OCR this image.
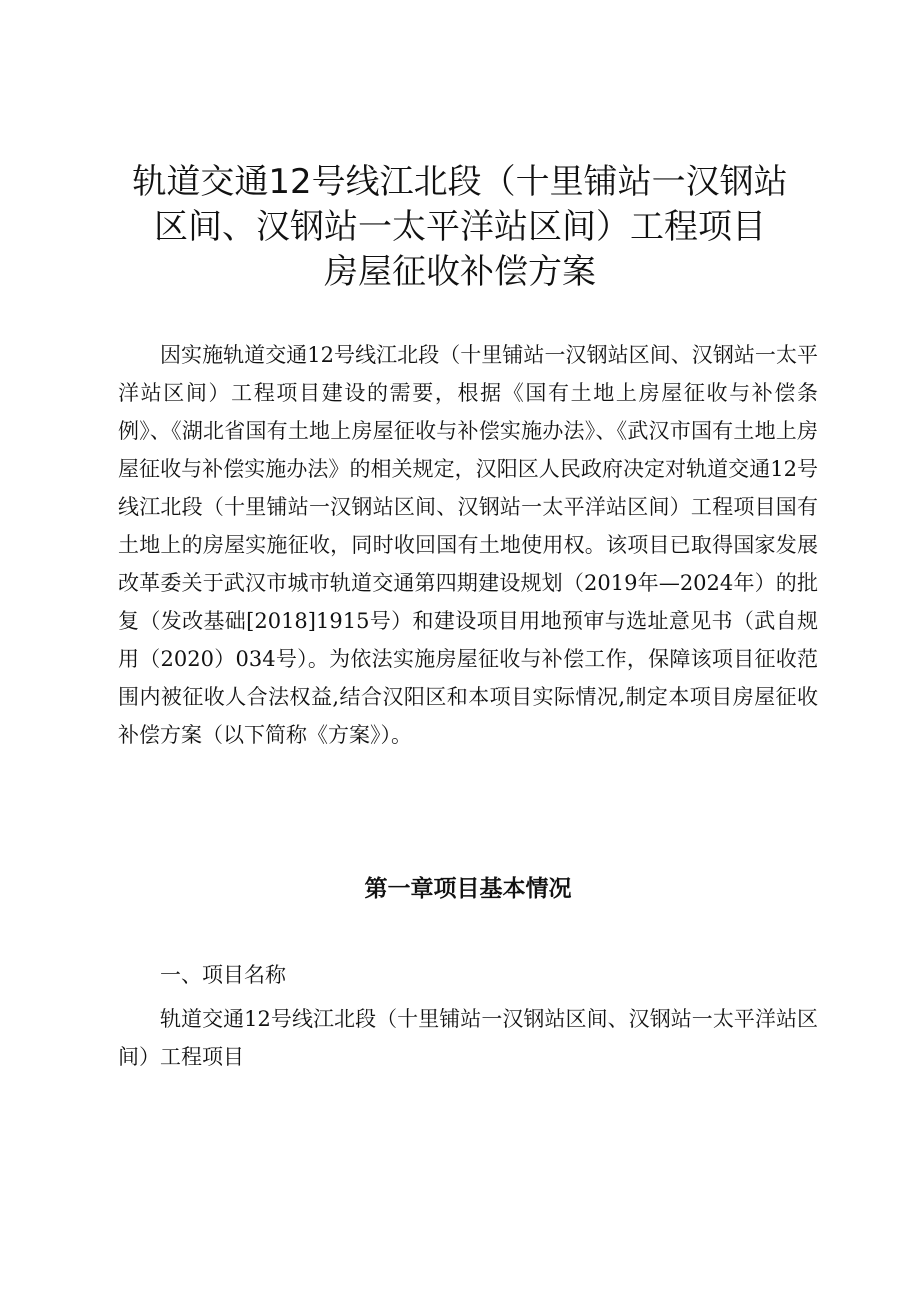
轨道交通12号线江北段（十里铺站一汉钢站
区间、汉钢站一太平洋站区间）工程项目
房屋征收补偿方案

因实施轨道交通12号线江北段（十里铺站一汉钢站区间、汉钢站一太平洋站区间）工程项目建设的需要，根据《国有土地上房屋征收与补偿条例》、《湖北省国有土地上房屋征收与补偿实施办法》、《武汉市国有土地上房屋征收与补偿实施办法》的相关规定，汉阳区人民政府决定对轨道交通12号线江北段（十里铺站一汉钢站区间、汉钢站一太平洋站区间）工程项目国有土地上的房屋实施征收，同时收回国有土地使用权。该项目已取得国家发展改革委关于武汉市城市轨道交通第四期建设规划（2019年—2024年）的批复（发改基础[2018]1915号）和建设项目用地预审与选址意见书（武自规用（2020）034号）。为依法实施房屋征收与补偿工作，保障该项目征收范围内被征收人合法权益,结合汉阳区和本项目实际情况,制定本项目房屋征收补偿方案（以下简称《方案》）。

第一章项目基本情况

一、项目名称

轨道交通12号线江北段（十里铺站一汉钢站区间、汉钢站一太平洋站区间）工程项目
